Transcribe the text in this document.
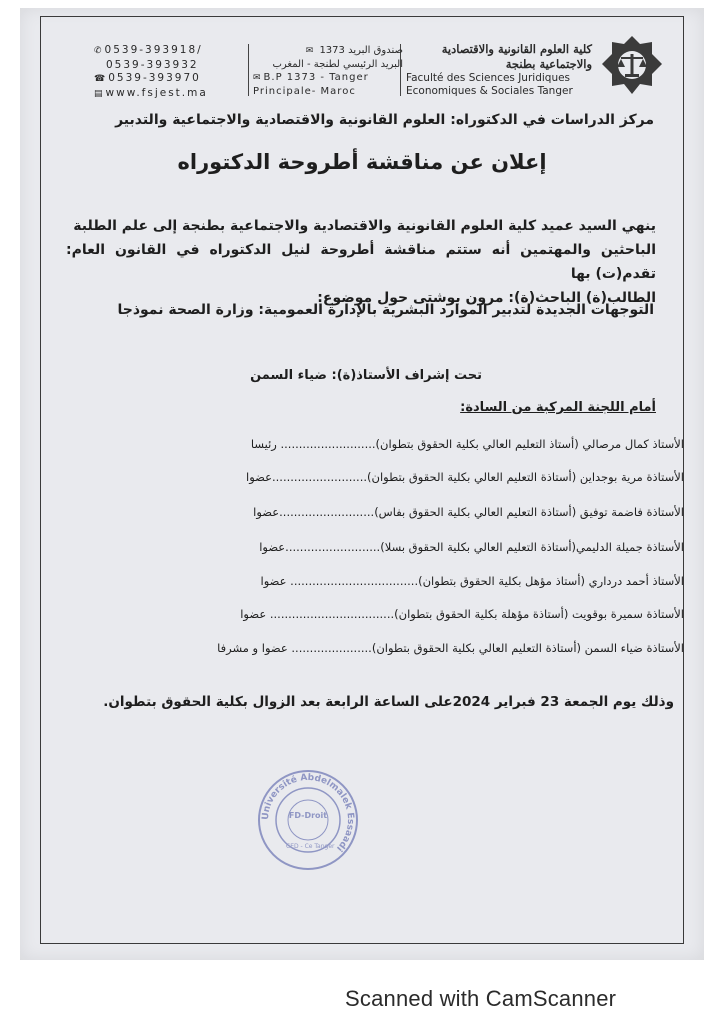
كلية العلوم القانونية والاقتصادية
والاجتماعية بطنجة
Faculté des Sciences Juridiques
Economiques & Sociales Tanger
صندوق البريد 1373 ✉
البريد الرئيسي لطنجة - المغرب
✉ B.P 1373 - Tanger
Principale- Maroc
✆ 0539-393918/
0539-393932
☎ 0539-393970
▤ www.fsjest.ma
مركز الدراسات في الدكتوراه: العلوم القانونية والاقتصادية والاجتماعية والتدبير
إعلان عن مناقشة أطروحة الدكتوراه
ينهي السيد عميد كلية العلوم القانونية والاقتصادية والاجتماعية بطنجة إلى علم الطلبة
الباحثين والمهتمين أنه ستتم مناقشة أطروحة لنيل الدكتوراه في القانون العام: تقدم(ت) بها
الطالب(ة) الباحث(ة): مرون بوشتى حول موضوع:
التوجهات الجديدة لتدبير الموارد البشرية بالإدارة العمومية: وزارة الصحة نموذجا
تحت إشراف الأستاذ(ة): ضياء السمن
أمام اللجنة المركبة من السادة:
الأستاذ كمال مرصالي (أستاذ التعليم العالي بكلية الحقوق بتطوان).......................... رئيسا
الأستاذة مرية بوجداين (أستاذة التعليم العالي بكلية الحقوق بتطوان)..........................عضوا
الأستاذة فاضمة توفيق (أستاذة التعليم العالي بكلية الحقوق بفاس)..........................عضوا
الأستاذة جميلة الدليمي(أستاذة التعليم العالي بكلية الحقوق بسلا)..........................عضوا
الأستاذ أحمد درداري (أستاذ مؤهل بكلية الحقوق بتطوان)................................... عضوا
الأستاذة سميرة بوقويت (أستاذة مؤهلة بكلية الحقوق بتطوان).................................. عضوا
الأستاذة ضياء السمن (أستاذة التعليم العالي بكلية الحقوق بتطوان)...................... عضوا و مشرفا
وذلك يوم الجمعة 23 فبراير 2024على الساعة الرابعة بعد الزوال بكلية الحقوق بتطوان.
Université Abdelmalek Essaadi
FD-Droit
CED - Ce Tanger
Scanned with CamScanner
